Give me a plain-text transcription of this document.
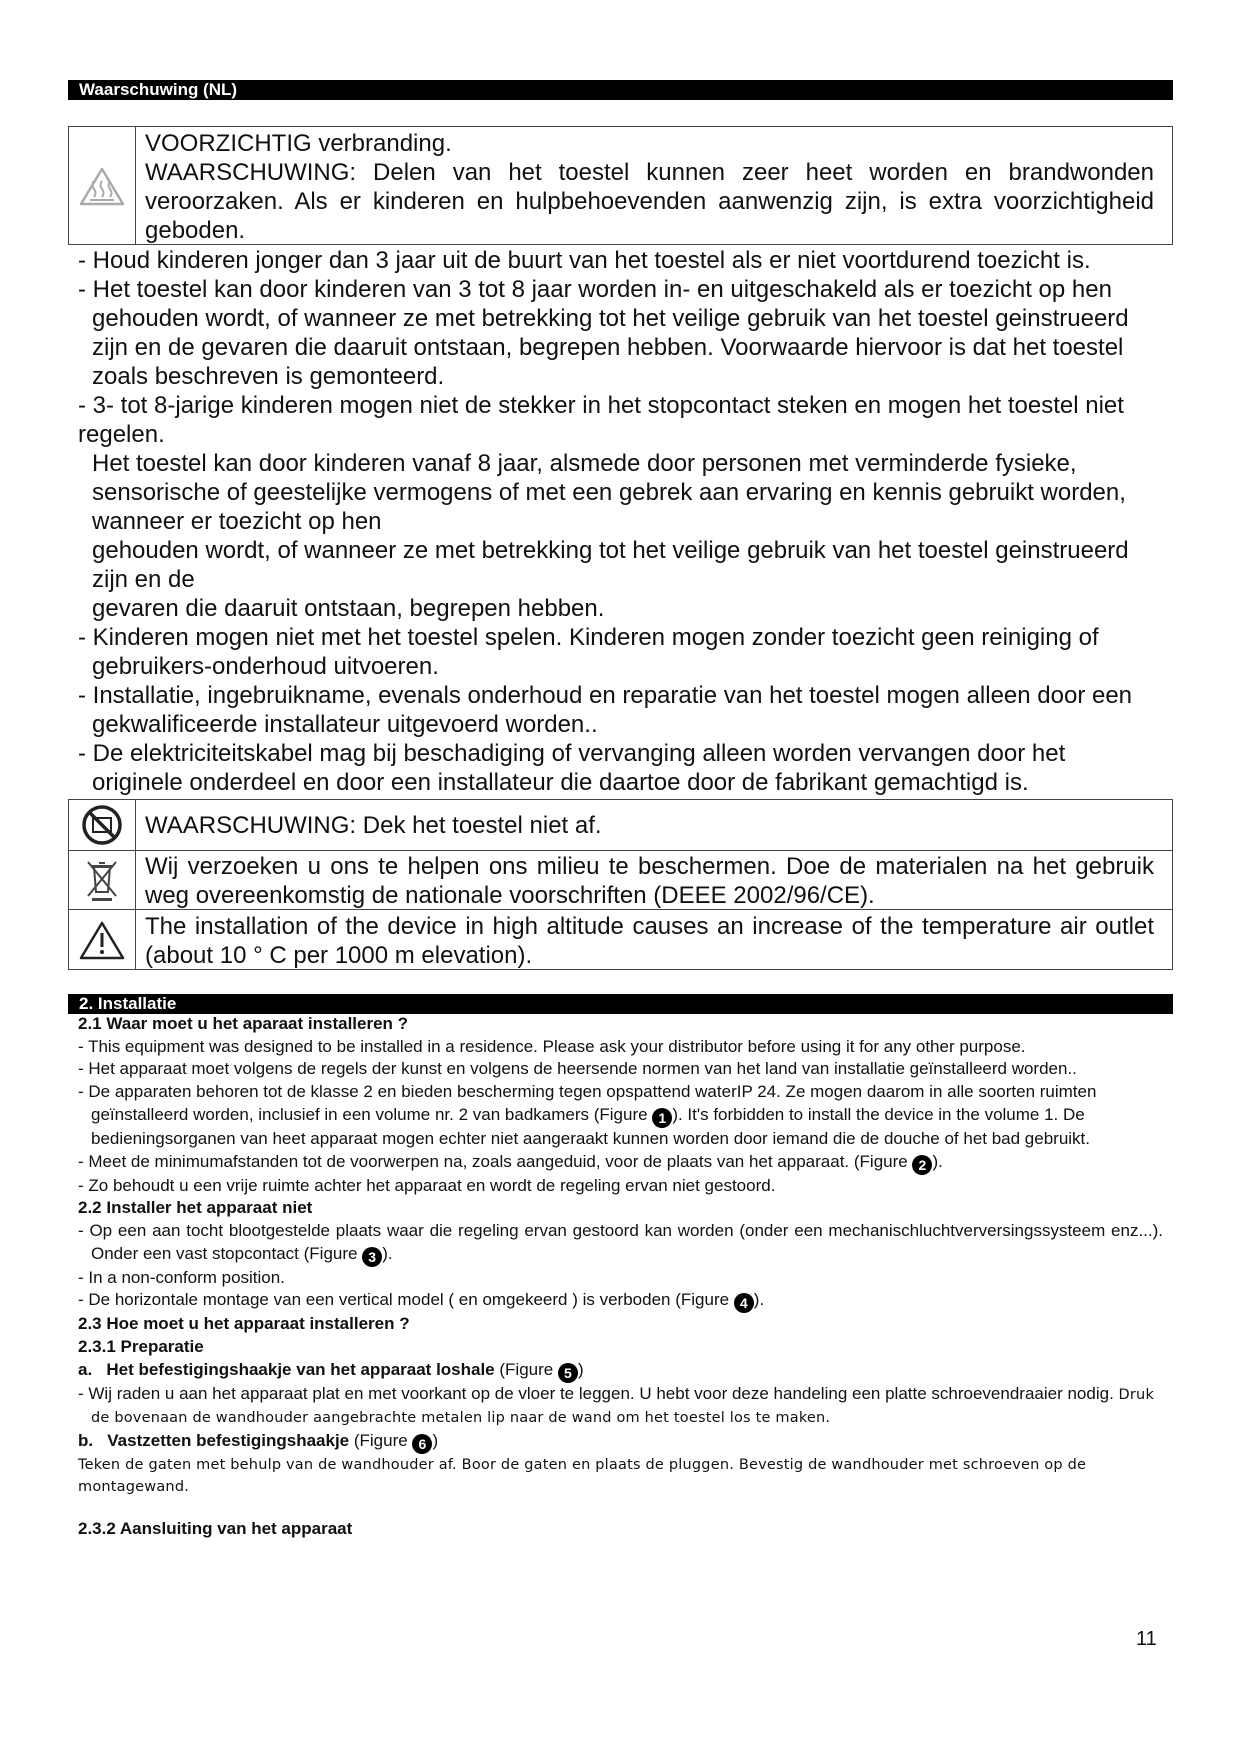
Waarschuwing (NL)
VOORZICHTIG verbranding.
WAARSCHUWING: Delen van het toestel kunnen zeer heet worden en brandwonden veroorzaken. Als er kinderen en hulpbehoevenden aanwenzig zijn, is extra voorzichtigheid geboden.

- Houd kinderen jonger dan 3 jaar uit de buurt van het toestel als er niet voortdurend toezicht is.

- Het toestel kan door kinderen van 3 tot 8 jaar worden in- en uitgeschakeld als er toezicht op hen gehouden wordt, of wanneer ze met betrekking tot het veilige gebruik van het toestel geinstrueerd zijn en de gevaren die daaruit ontstaan, begrepen hebben. Voorwaarde hiervoor is dat het toestel zoals beschreven is gemonteerd.

- 3- tot 8-jarige kinderen mogen niet de stekker in het stopcontact steken en mogen het toestel niet regelen.

Het toestel kan door kinderen vanaf 8 jaar, alsmede door personen met verminderde fysieke, sensorische of geestelijke vermogens of met een gebrek aan ervaring en kennis gebruikt worden, wanneer er toezicht op hen

gehouden wordt, of wanneer ze met betrekking tot het veilige gebruik van het toestel geinstrueerd zijn en de

gevaren die daaruit ontstaan, begrepen hebben.

- Kinderen mogen niet met het toestel spelen. Kinderen mogen zonder toezicht geen reiniging of gebruikers-onderhoud uitvoeren.

- Installatie, ingebruikname, evenals onderhoud en reparatie van het toestel mogen alleen door een gekwalificeerde installateur uitgevoerd worden..

- De elektriciteitskabel mag bij beschadiging of vervanging alleen worden vervangen door het originele onderdeel en door een installateur die daartoe door de fabrikant gemachtigd is.

WAARSCHUWING: Dek het toestel niet af.
Wij verzoeken u ons te helpen ons milieu te beschermen. Doe de materialen na het gebruik weg overeenkomstig de nationale voorschriften (DEEE 2002/96/CE).
The installation of the device in high altitude causes an increase of the temperature air outlet (about 10 ° C per 1000 m elevation).
2. Installatie

2.1 Waar moet u het aparaat installeren ?

- This equipment was designed to be installed in a residence. Please ask your distributor before using it for any other purpose.

- Het apparaat moet volgens de regels der kunst en volgens de heersende normen van het land van installatie geïnstalleerd worden..

- De apparaten behoren tot de klasse 2 en bieden bescherming tegen opspattend waterIP 24. Ze mogen daarom in alle soorten ruimten geïnstalleerd worden, inclusief in een volume nr. 2 van badkamers (Figure 1 ). It's forbidden to install the device in the volume 1. De bedieningsorganen van heet apparaat mogen echter niet aangeraakt kunnen worden door iemand die de douche of het bad gebruikt.

- Meet de minimumafstanden tot de voorwerpen na, zoals aangeduid, voor de plaats van het apparaat. (Figure 2 ).

- Zo behoudt u een vrije ruimte achter het apparaat en wordt de regeling ervan niet gestoord.

2.2 Installer het apparaat niet

- Op een aan tocht blootgestelde plaats waar die regeling ervan gestoord kan worden (onder een mechanischluchtverversingssysteem enz...). Onder een vast stopcontact (Figure 3 ).

- In a non-conform position.

- De horizontale montage van een vertical model ( en omgekeerd ) is verboden (Figure 4 ).

2.3 Hoe moet u het apparaat installeren ?

2.3.1 Preparatie

a.   Het befestigingshaakje van het apparaat loshale (Figure 5 )

- Wij raden u aan het apparaat plat en met voorkant op de vloer te leggen. U hebt voor deze handeling een platte schroevendraaier nodig. Druk de bovenaan de wandhouder aangebrachte metalen lip naar de wand om het toestel los te maken.

b.   Vastzetten befestigingshaakje (Figure 6 )

Teken de gaten met behulp van de wandhouder af. Boor de gaten en plaats de pluggen. Bevestig de wandhouder met schroeven op de montagewand.

2.3.2 Aansluiting van het apparaat

11
